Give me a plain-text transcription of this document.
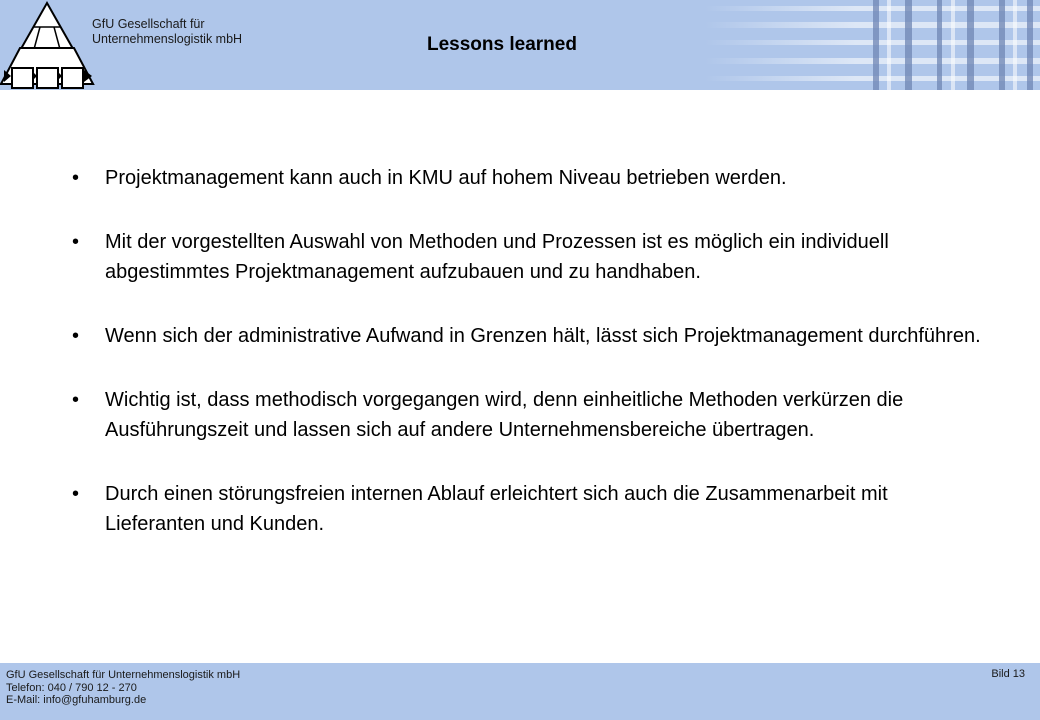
GfU Gesellschaft für
Unternehmenslogistik mbH	Lessons learned
•	Projektmanagement kann auch in KMU auf hohem Niveau betrieben werden.
•	Mit der vorgestellten Auswahl von Methoden und Prozessen ist es möglich ein individuell abgestimmtes Projektmanagement aufzubauen und zu handhaben.
•	Wenn sich der administrative Aufwand in Grenzen hält, lässt sich Projektmanagement durchführen.
•	Wichtig ist, dass methodisch vorgegangen wird, denn einheitliche Methoden verkürzen die Ausführungszeit und lassen sich auf andere Unternehmensbereiche übertragen.
•	Durch einen störungsfreien internen Ablauf erleichtert sich auch die Zusammenarbeit mit Lieferanten und Kunden.
GfU Gesellschaft für Unternehmenslogistik mbH
Telefon: 040 / 790 12 - 270
E-Mail: info@gfuhamburg.de
Bild 13
